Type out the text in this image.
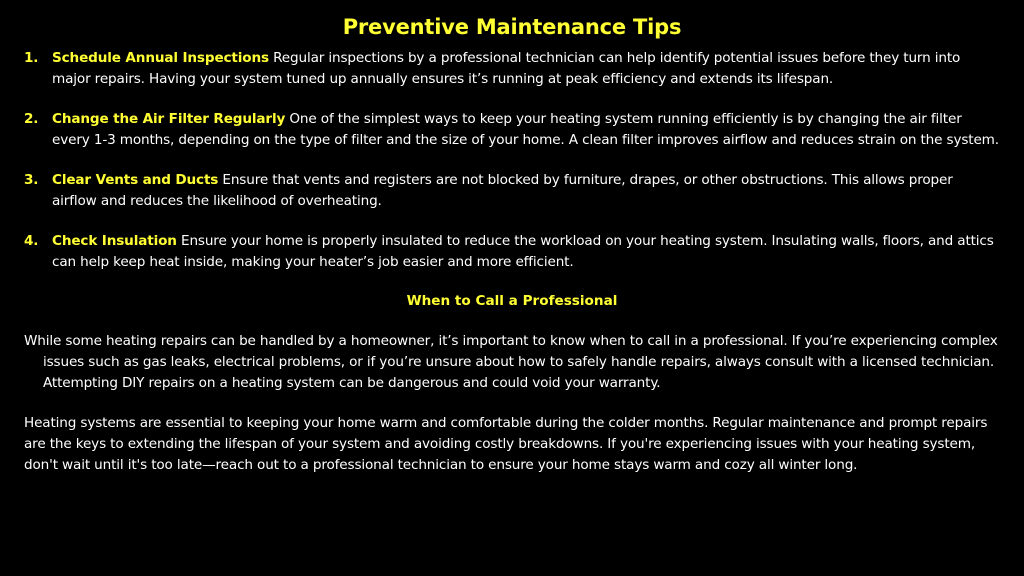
Preventive Maintenance Tips
1. Schedule Annual Inspections Regular inspections by a professional technician can help identify potential issues before they turn into major repairs. Having your system tuned up annually ensures it’s running at peak efficiency and extends its lifespan.
2. Change the Air Filter Regularly One of the simplest ways to keep your heating system running efficiently is by changing the air filter every 1-3 months, depending on the type of filter and the size of your home. A clean filter improves airflow and reduces strain on the system.
3. Clear Vents and Ducts Ensure that vents and registers are not blocked by furniture, drapes, or other obstructions. This allows proper airflow and reduces the likelihood of overheating.
4. Check Insulation Ensure your home is properly insulated to reduce the workload on your heating system. Insulating walls, floors, and attics can help keep heat inside, making your heater’s job easier and more efficient.
When to Call a Professional

While some heating repairs can be handled by a homeowner, it’s important to know when to call in a professional. If you’re experiencing complex issues such as gas leaks, electrical problems, or if you’re unsure about how to safely handle repairs, always consult with a licensed technician. Attempting DIY repairs on a heating system can be dangerous and could void your warranty.

Heating systems are essential to keeping your home warm and comfortable during the colder months. Regular maintenance and prompt repairs are the keys to extending the lifespan of your system and avoiding costly breakdowns. If you're experiencing issues with your heating system, don't wait until it's too late—reach out to a professional technician to ensure your home stays warm and cozy all winter long.
